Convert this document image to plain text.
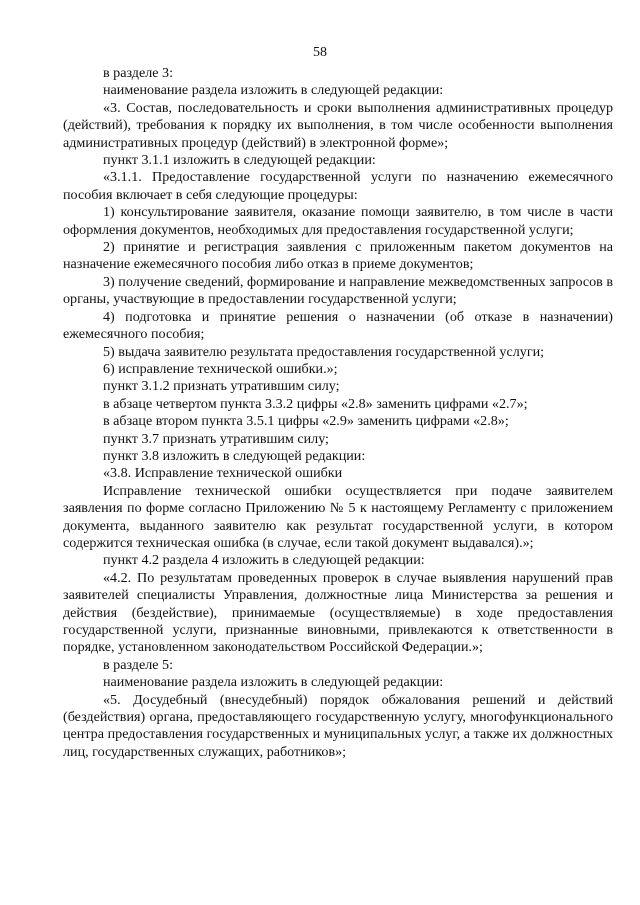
58

в разделе 3:

наименование раздела изложить в следующей редакции:

«3. Состав, последовательность и сроки выполнения административных процедур (действий), требования к порядку их выполнения, в том числе особенности выполнения административных процедур (действий) в электронной форме»;

пункт 3.1.1 изложить в следующей редакции:

«3.1.1. Предоставление государственной услуги по назначению ежемесячного пособия включает в себя следующие процедуры:

1) консультирование заявителя, оказание помощи заявителю, в том числе в части оформления документов, необходимых для предоставления государственной услуги;

2) принятие и регистрация заявления с приложенным пакетом документов на назначение ежемесячного пособия либо отказ в приеме документов;

3) получение сведений, формирование и направление межведомственных запросов в органы, участвующие в предоставлении государственной услуги;

4) подготовка и принятие решения о назначении (об отказе в назначении) ежемесячного пособия;

5) выдача заявителю результата предоставления государственной услуги;

6) исправление технической ошибки.»;

пункт 3.1.2 признать утратившим силу;

в абзаце четвертом пункта 3.3.2 цифры «2.8» заменить цифрами «2.7»;

в абзаце втором пункта 3.5.1 цифры «2.9» заменить цифрами «2.8»;

пункт 3.7 признать утратившим силу;

пункт 3.8 изложить в следующей редакции:

«3.8. Исправление технической ошибки

Исправление технической ошибки осуществляется при подаче заявителем заявления по форме согласно Приложению № 5 к настоящему Регламенту с приложением документа, выданного заявителю как результат государственной услуги, в котором содержится техническая ошибка (в случае, если такой документ выдавался).»;

пункт 4.2 раздела 4 изложить в следующей редакции:

«4.2. По результатам проведенных проверок в случае выявления нарушений прав заявителей специалисты Управления, должностные лица Министерства за решения и действия (бездействие), принимаемые (осуществляемые) в ходе предоставления государственной услуги, признанные виновными, привлекаются к ответственности в порядке, установленном законодательством Российской Федерации.»;

в разделе 5:

наименование раздела изложить в следующей редакции:

«5. Досудебный (внесудебный) порядок обжалования решений и действий (бездействия) органа, предоставляющего государственную услугу, многофункционального центра предоставления государственных и муниципальных услуг, а также их должностных лиц, государственных служащих, работников»;
